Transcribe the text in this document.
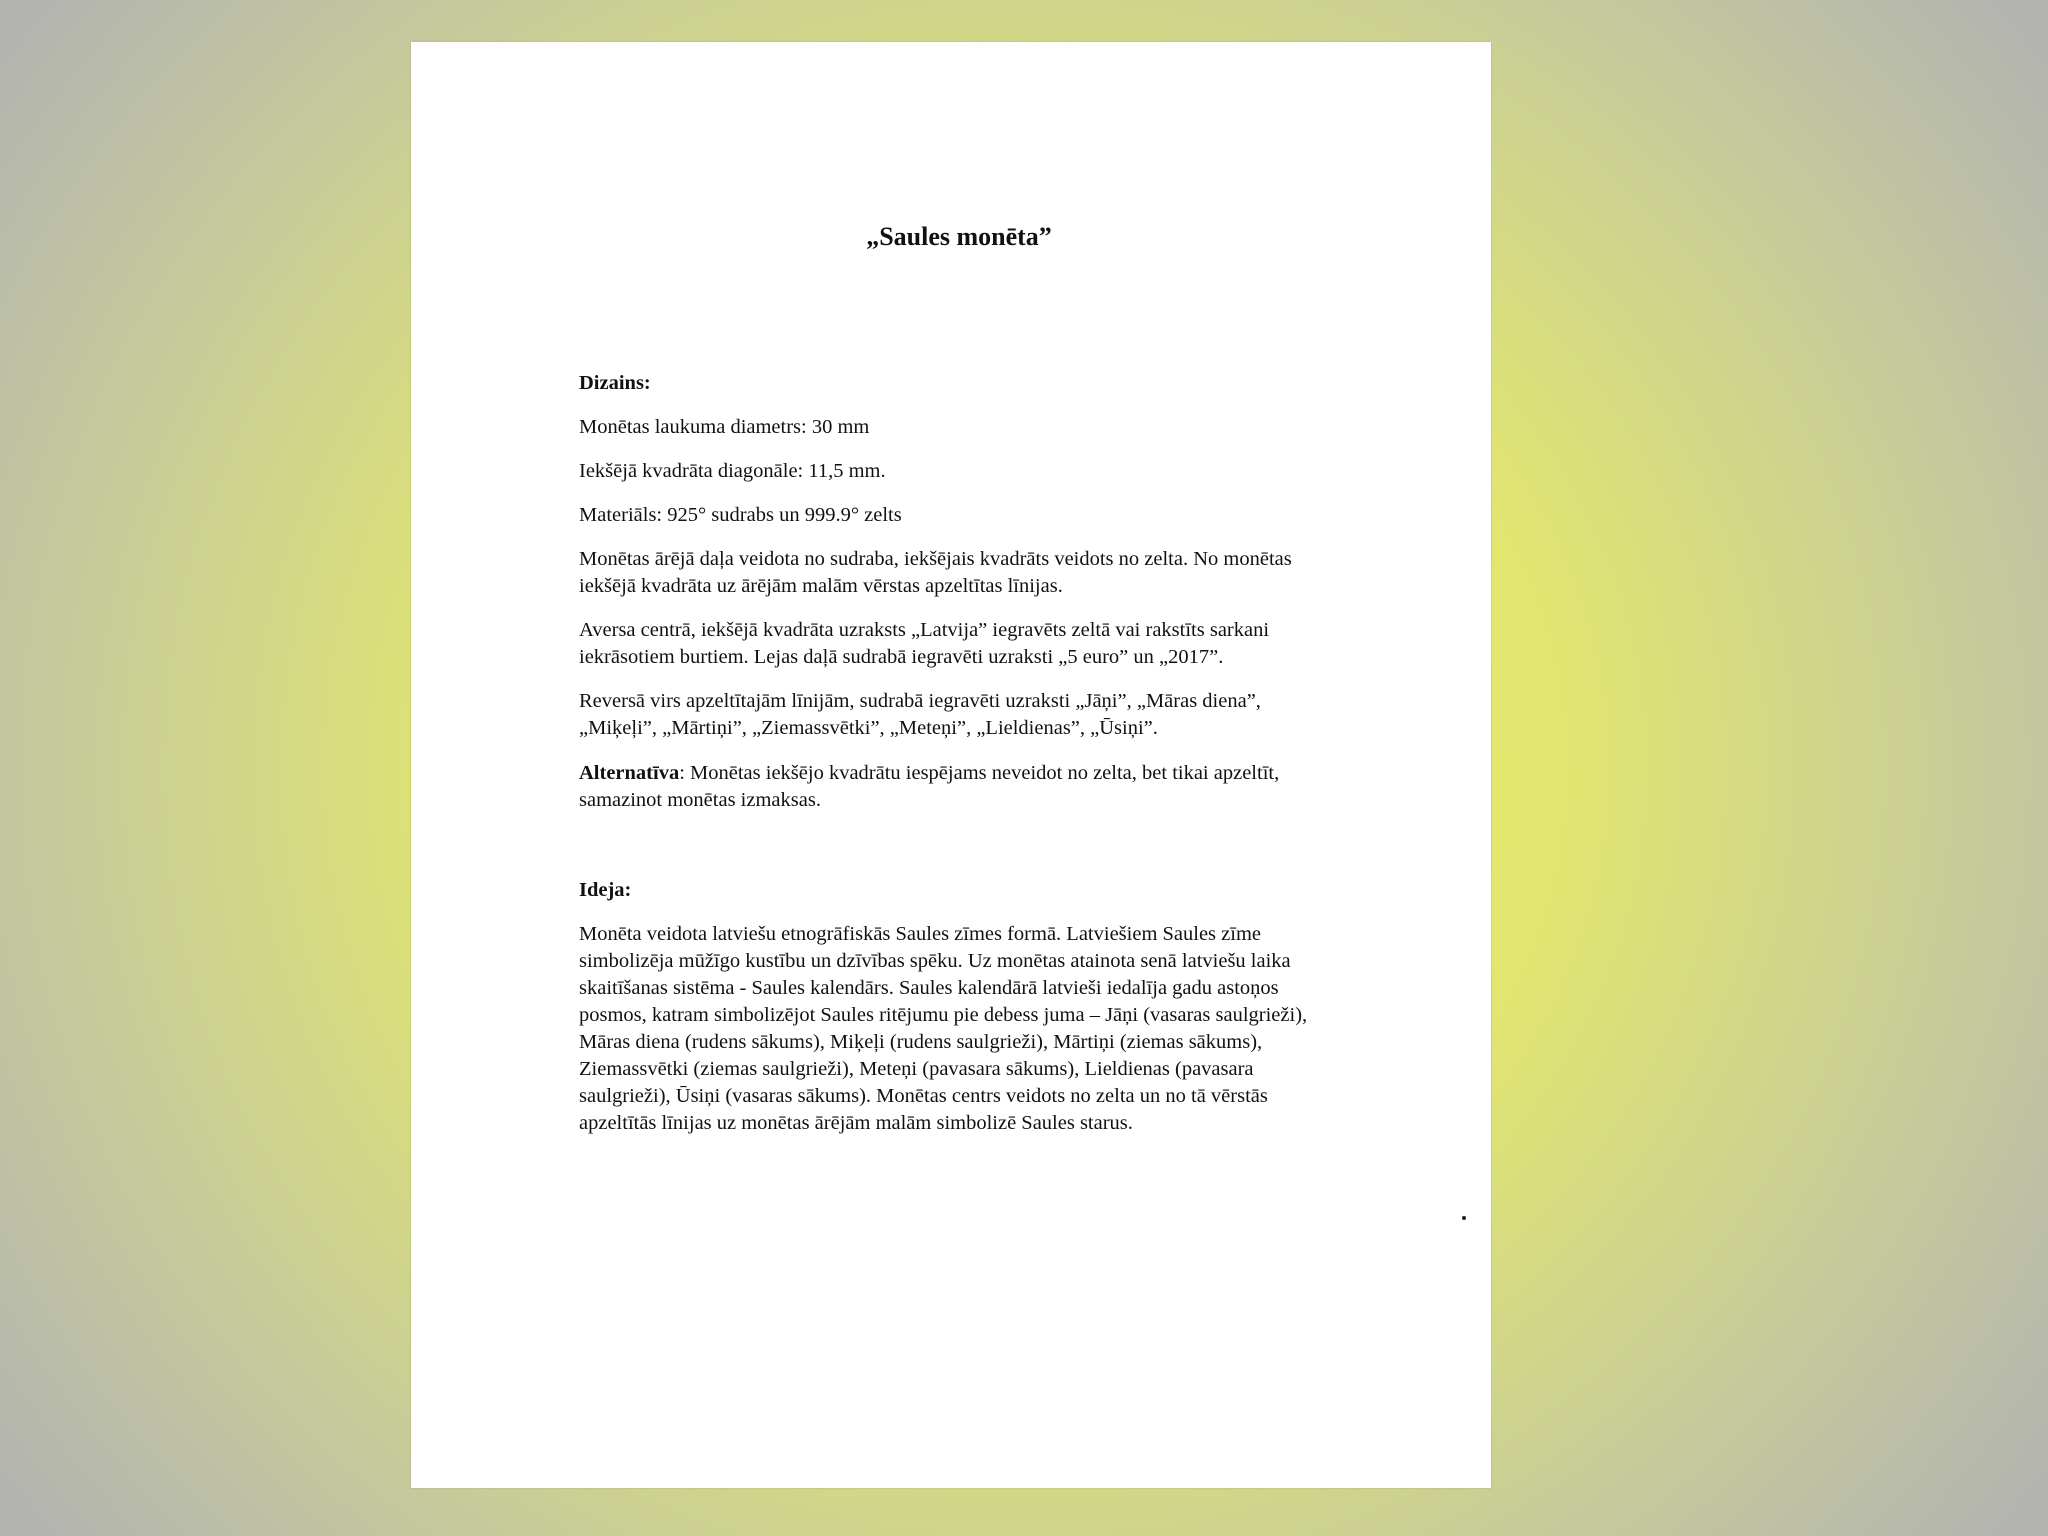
„Saules monēta”

Dizains:

Monētas laukuma diametrs: 30 mm

Iekšējā kvadrāta diagonāle: 11,5 mm.

Materiāls: 925° sudrabs un 999.9° zelts

Monētas ārējā daļa veidota no sudraba, iekšējais kvadrāts veidots no zelta. No monētas iekšējā kvadrāta uz ārējām malām vērstas apzeltītas līnijas.

Aversa centrā, iekšējā kvadrāta uzraksts „Latvija” iegravēts zeltā vai rakstīts sarkani iekrāsotiem burtiem. Lejas daļā sudrabā iegravēti uzraksti „5 euro” un „2017”.

Reversā virs apzeltītajām līnijām, sudrabā iegravēti uzraksti „Jāņi”, „Māras diena”, „Miķeļi”, „Mārtiņi”, „Ziemassvētki”, „Meteņi”, „Lieldienas”, „Ūsiņi”.

Alternatīva: Monētas iekšējo kvadrātu iespējams neveidot no zelta, bet tikai apzeltīt, samazinot monētas izmaksas.

Ideja:

Monēta veidota latviešu etnogrāfiskās Saules zīmes formā. Latviešiem Saules zīme simbolizēja mūžīgo kustību un dzīvības spēku. Uz monētas atainota senā latviešu laika skaitīšanas sistēma - Saules kalendārs. Saules kalendārā latvieši iedalīja gadu astoņos posmos, katram simbolizējot Saules ritējumu pie debess juma – Jāņi (vasaras saulgrieži), Māras diena (rudens sākums), Miķeļi (rudens saulgrieži), Mārtiņi (ziemas sākums), Ziemassvētki (ziemas saulgrieži), Meteņi (pavasara sākums), Lieldienas (pavasara saulgrieži), Ūsiņi (vasaras sākums). Monētas centrs veidots no zelta un no tā vērstās apzeltītās līnijas uz monētas ārējām malām simbolizē Saules starus.
